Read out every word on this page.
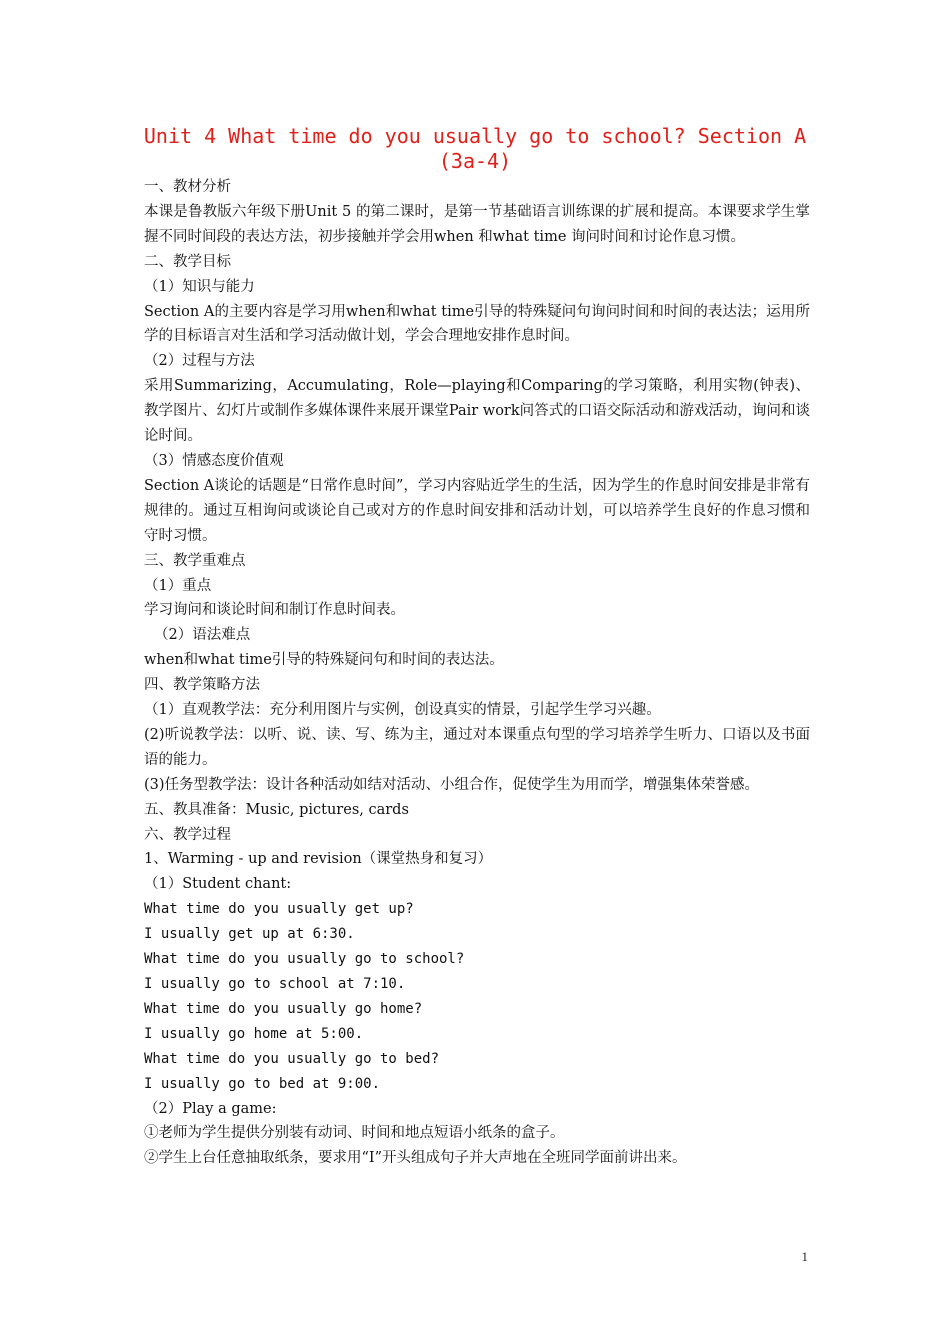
Unit 4 What time do you usually go to school? Section A
(3a-4)

一、教材分析

本课是鲁教版六年级下册Unit 5 的第二课时，是第一节基础语言训练课的扩展和提高。本课要求学生掌握不同时间段的表达方法，初步接触并学会用when 和what time 询问时间和讨论作息习惯。

二、教学目标

（1）知识与能力

Section A的主要内容是学习用when和what time引导的特殊疑问句询问时间和时间的表达法；运用所学的目标语言对生活和学习活动做计划，学会合理地安排作息时间。

（2）过程与方法

采用Summarizing，Accumulating，Role—playing和Comparing的学习策略，利用实物(钟表)、教学图片、幻灯片或制作多媒体课件来展开课堂Pair work问答式的口语交际活动和游戏活动，询问和谈论时间。

（3）情感态度价值观

Section A谈论的话题是“日常作息时间”，学习内容贴近学生的生活，因为学生的作息时间安排是非常有规律的。通过互相询问或谈论自己或对方的作息时间安排和活动计划，可以培养学生良好的作息习惯和守时习惯。

三、教学重难点

（1）重点

学习询问和谈论时间和制订作息时间表。

（2）语法难点

when和what time引导的特殊疑问句和时间的表达法。

四、教学策略方法

（1）直观教学法：充分利用图片与实例，创设真实的情景，引起学生学习兴趣。

(2)听说教学法：以听、说、读、写、练为主，通过对本课重点句型的学习培养学生听力、口语以及书面语的能力。

(3)任务型教学法：设计各种活动如结对活动、小组合作，促使学生为用而学，增强集体荣誉感。

五、教具准备：Music, pictures, cards

六、教学过程

1、Warming - up and revision（课堂热身和复习）

（1）Student chant:

What time do you usually get up?

I usually get up at 6:30.

What time do you usually go to school?

I usually go to school at 7:10.

What time do you usually go home?

I usually go home at 5:00.

What time do you usually go to bed?

I usually go to bed at 9:00.

（2）Play a game:

①老师为学生提供分别装有动词、时间和地点短语小纸条的盒子。

②学生上台任意抽取纸条，要求用“I”开头组成句子并大声地在全班同学面前讲出来。

1
